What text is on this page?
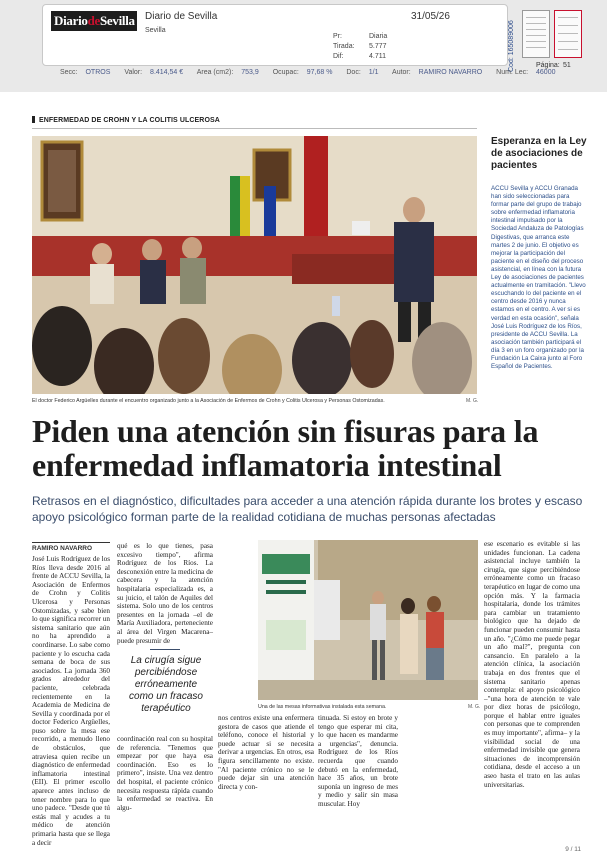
DiariodeSevilla Diario de Sevilla
Sevilla
31/05/26
Pr:	Diaria
Tirada: 5.777
Dif:	4.711	Cod: 165089006	Página: 51
Secc: OTROS Valor: 8.414,54 € Area (cm2): 753,9 Ocupac: 97,68 % Doc: 1/1 Autor: RAMIRO NAVARRO Num. Lec: 46000
ENFERMEDAD DE CROHN Y LA COLITIS ULCEROSA
El doctor Federico Argüelles durante el encuentro organizado junto a la Asociación de Enfermos de Crohn y Colitis Ulcerosa y Personas Ostomizadas.	M. G.
Esperanza en la Ley de asociaciones de pacientes
ACCU Sevilla y ACCU Granada han sido seleccionadas para formar parte del grupo de trabajo sobre enfermedad inflamatoria intestinal impulsado por la Sociedad Andaluza de Patologías Digestivas, que arranca este martes 2 de junio. El objetivo es mejorar la participación del paciente en el diseño del proceso asistencial, en línea con la futura Ley de asociaciones de pacientes actualmente en tramitación. "Llevo escuchando lo del paciente en el centro desde 2016 y nunca estamos en el centro. A ver si es verdad en esta ocasión", señala José Luis Rodríguez de los Ríos, presidente de ACCU Sevilla. La asociación también participará el día 3 en un foro organizado por la Fundación La Caixa junto al Foro Español de Pacientes.
Piden una atención sin fisuras para la enfermedad inflamatoria intestinal
Retrasos en el diagnóstico, dificultades para acceder a una atención rápida durante los brotes y escaso apoyo psicológico forman parte de la realidad cotidiana de muchas personas afectadas
RAMIRO NAVARRO
José Luis Rodríguez de los Ríos lleva desde 2016 al frente de ACCU Sevilla, la Asociación de Enfermos de Crohn y Colitis Ulcerosa y Personas Ostomizadas, y sabe bien lo que significa recorrer un sistema sanitario que aún no ha aprendido a coordinarse. Lo sabe como paciente y lo escucha cada semana de boca de sus asociados. La jornada 360 grados alrededor del paciente, celebrada recientemente en la Academia de Medicina de Sevilla y coordinada por el doctor Federico Argüelles, puso sobre la mesa ese recorrido, a menudo lleno de obstáculos, que atraviesa quien recibe un diagnóstico de enfermedad inflamatoria intestinal (EII). El primer escollo aparece antes incluso de tener nombre para lo que uno padece. "Desde que tú estás mal y acudes a tu médico de atención primaria hasta que se llega a decir
qué es lo que tienes, pasa excesivo tiempo", afirma Rodríguez de los Ríos. La desconexión entre la medicina de cabecera y la atención hospitalaria especializada es, a su juicio, el talón de Aquiles del sistema. Solo uno de los centros presentes en la jornada –el de María Auxiliadora, perteneciente al área del Virgen Macarena– puede presumir de
La cirugía sigue percibiéndose erróneamente como un fracaso terapéutico
coordinación real con su hospital de referencia. "Tenemos que empezar por que haya esa coordinación. Eso es lo primero", insiste. Una vez dentro del hospital, el paciente crónico necesita respuesta rápida cuando la enfermedad se reactiva. En algu-
Una de las mesas informativas instalada esta semana.	M. G.
nos centros existe una enfermera gestora de casos que atiende el teléfono, conoce el historial y puede actuar si se necesita derivar a urgencias. En otros, esa figura sencillamente no existe. "Al paciente crónico no se le puede dejar sin una atención directa y con-
tinuada. Si estoy en brote y tengo que esperar mi cita, lo que hacen es mandarme a urgencias", denuncia. Rodríguez de los Ríos recuerda que cuando debutó en la enfermedad, hace 35 años, un brote suponía un ingreso de mes y medio y salir sin masa muscular. Hoy
ese escenario es evitable si las unidades funcionan. La cadena asistencial incluye también la cirugía, que sigue percibiéndose erróneamente como un fracaso terapéutico en lugar de como una opción más. Y la farmacia hospitalaria, donde los trámites para cambiar un tratamiento biológico que ha dejado de funcionar pueden consumir hasta un año. "¿Cómo me puede pegar un año mal?", pregunta con cansancio. En paralelo a la atención clínica, la asociación trabaja en dos frentes que el sistema sanitario apenas contempla: el apoyo psicológico –"una hora de atención te vale por diez horas de psicólogo, porque el hablar entre iguales con personas que te comprenden es muy importante", afirma– y la visibilidad social de una enfermedad invisible que genera situaciones de incomprensión cotidiana, desde el acceso a un aseo hasta el trato en las aulas universitarias.
9 / 11
